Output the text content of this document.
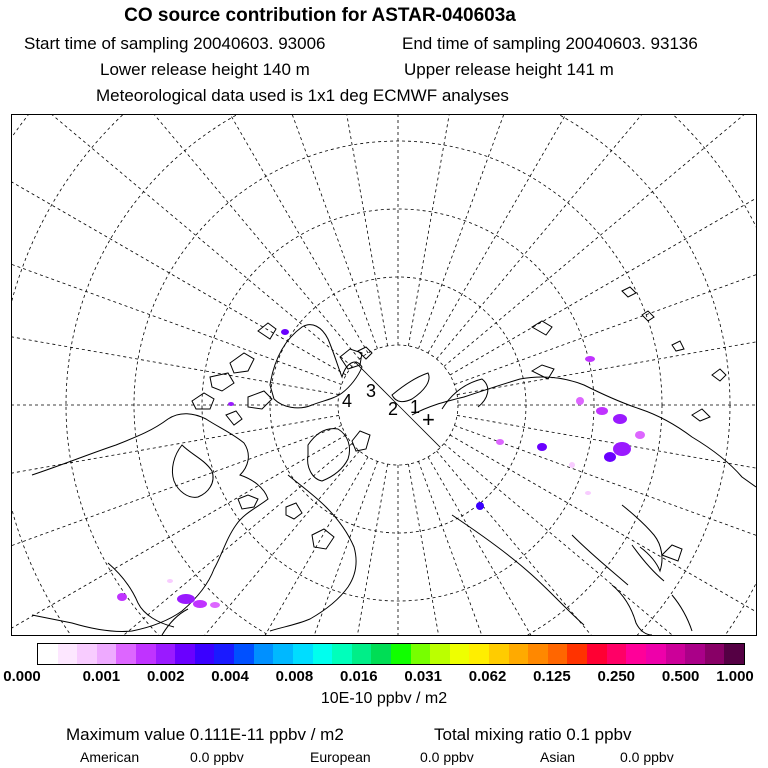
CO source contribution for ASTAR-040603a
Start time of sampling 20040603. 93006	End time of sampling 20040603. 93136
Lower release height 140 m	Upper release height 141 m
Meteorological data used is 1x1 deg ECMWF analyses
1
2
3
4
+
0.000	0.001 0.002 0.004 0.008 0.016 0.031 0.062 0.125 0.250 0.500 1.000
10E-10 ppbv / m2
Maximum value 0.111E-11 ppbv / m2	Total mixing ratio 0.1 ppbv
American	0.0 ppbv	European	0.0 ppbv	Asian	0.0 ppbv
